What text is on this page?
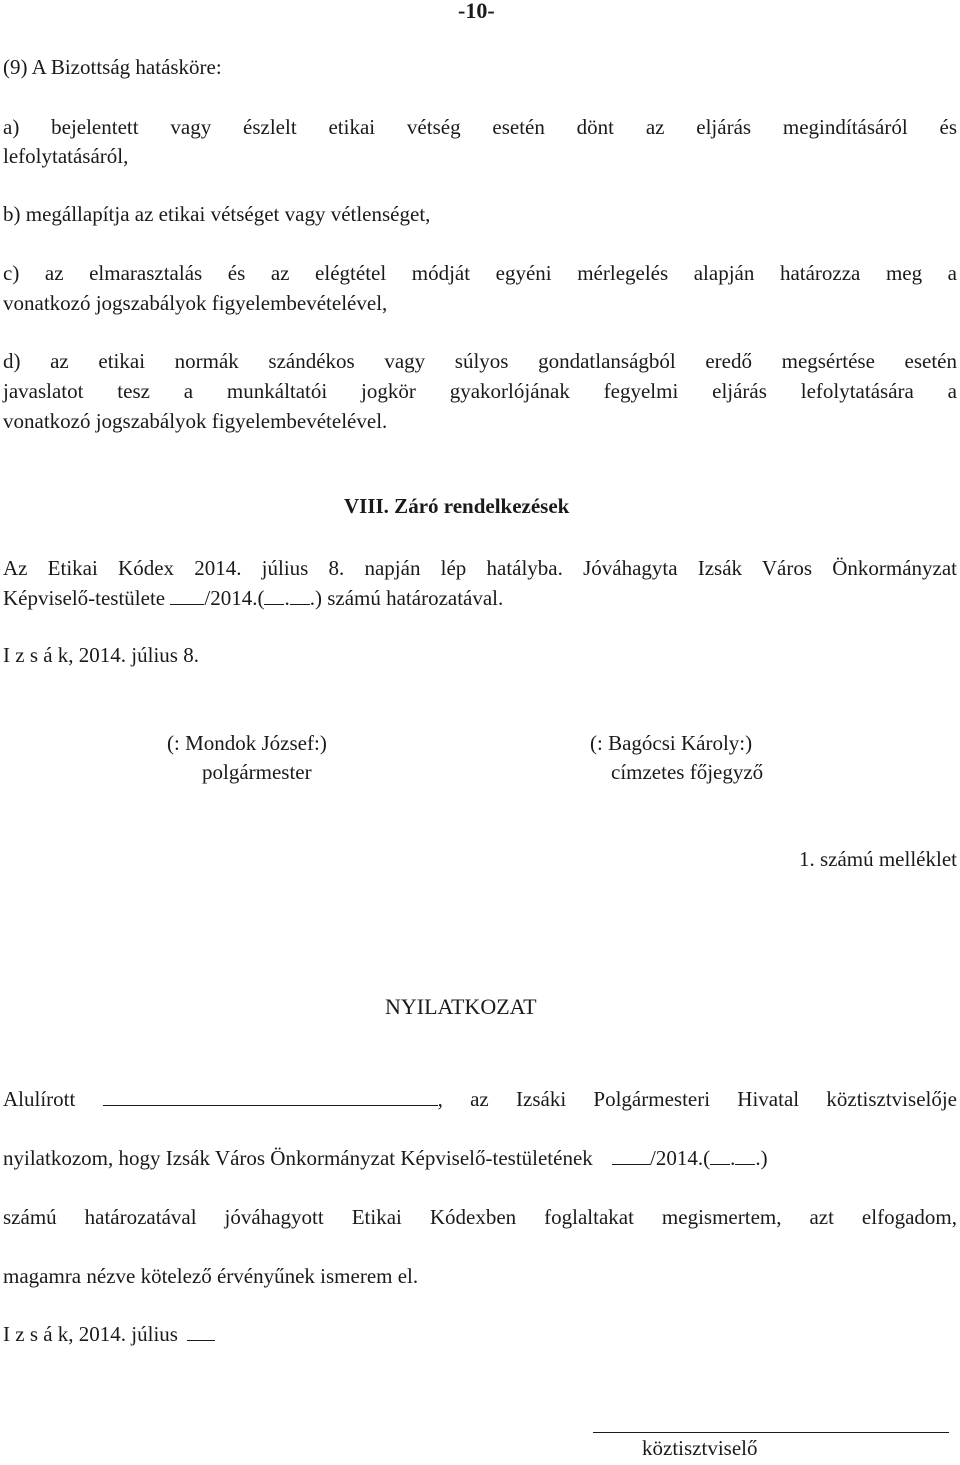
-10-
(9) A Bizottság hatásköre:
a) bejelentett vagy észlelt etikai vétség esetén dönt az eljárás megindításáról és
lefolytatásáról,
b) megállapítja az etikai vétséget vagy vétlenséget,
c) az elmarasztalás és az elégtétel módját egyéni mérlegelés alapján határozza meg a
vonatkozó jogszabályok figyelembevételével,
d) az etikai normák szándékos vagy súlyos gondatlanságból eredő megsértése esetén
javaslatot tesz a munkáltatói jogkör gyakorlójának fegyelmi eljárás lefolytatására a
vonatkozó jogszabályok figyelembevételével.
VIII. Záró rendelkezések
Az Etikai Kódex 2014. július 8. napján lép hatályba. Jóváhagyta Izsák Város Önkormányzat
Képviselő-testülete /2014.( . .) számú határozatával.
I z s á k, 2014. július 8.
(: Mondok József:)
polgármester
(: Bagócsi Károly:)
címzetes főjegyző
1. számú melléklet
NYILATKOZAT
Alulírott	, az Izsáki Polgármesteri Hivatal köztisztviselője
nyilatkozom, hogy Izsák Város Önkormányzat Képviselő-testületének	/2014.( . .)
számú határozatával jóváhagyott Etikai Kódexben foglaltakat megismertem, azt elfogadom,
magamra nézve kötelező érvényűnek ismerem el.
I z s á k, 2014. július
köztisztviselő
